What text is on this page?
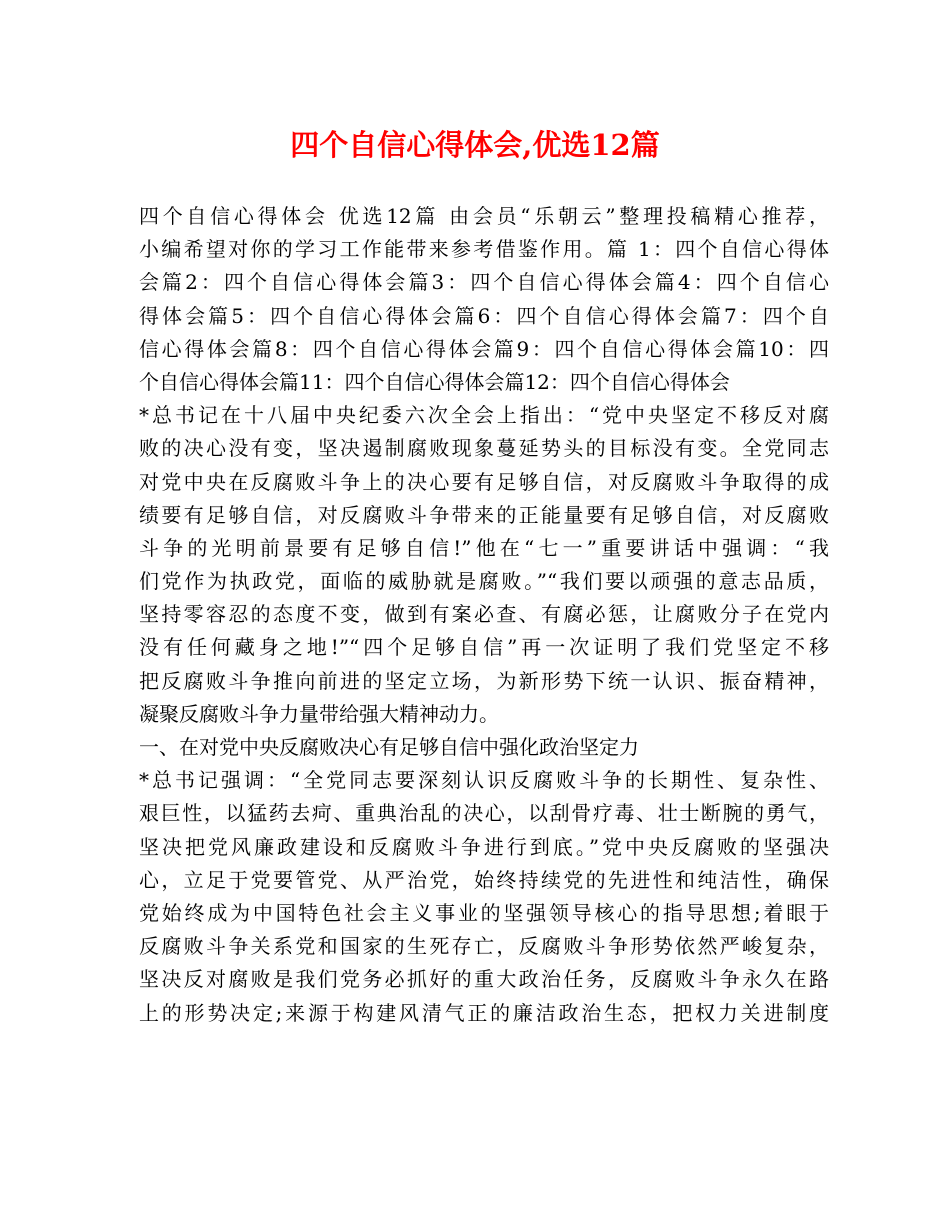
四个自信心得体会,优选12篇
四个自信心得体会 优选12篇 由会员“乐朝云”整理投稿精心推荐，
小编希望对你的学习工作能带来参考借鉴作用。篇 1：四个自信心得体
会篇2：四个自信心得体会篇3：四个自信心得体会篇4：四个自信心
得体会篇5：四个自信心得体会篇6：四个自信心得体会篇7：四个自
信心得体会篇8：四个自信心得体会篇9：四个自信心得体会篇10：四
个自信心得体会篇11：四个自信心得体会篇12：四个自信心得体会
*总书记在十八届中央纪委六次全会上指出：“党中央坚定不移反对腐
败的决心没有变，坚决遏制腐败现象蔓延势头的目标没有变。全党同志
对党中央在反腐败斗争上的决心要有足够自信，对反腐败斗争取得的成
绩要有足够自信，对反腐败斗争带来的正能量要有足够自信，对反腐败
斗争的光明前景要有足够自信!”他在“七一”重要讲话中强调：“我
们党作为执政党，面临的威胁就是腐败。”“我们要以顽强的意志品质，
坚持零容忍的态度不变，做到有案必查、有腐必惩，让腐败分子在党内
没有任何藏身之地!”“四个足够自信”再一次证明了我们党坚定不移
把反腐败斗争推向前进的坚定立场，为新形势下统一认识、振奋精神，
凝聚反腐败斗争力量带给强大精神动力。
一、在对党中央反腐败决心有足够自信中强化政治坚定力
*总书记强调：“全党同志要深刻认识反腐败斗争的长期性、复杂性、
艰巨性，以猛药去疴、重典治乱的决心，以刮骨疗毒、壮士断腕的勇气，
坚决把党风廉政建设和反腐败斗争进行到底。”党中央反腐败的坚强决
心，立足于党要管党、从严治党，始终持续党的先进性和纯洁性，确保
党始终成为中国特色社会主义事业的坚强领导核心的指导思想;着眼于
反腐败斗争关系党和国家的生死存亡，反腐败斗争形势依然严峻复杂，
坚决反对腐败是我们党务必抓好的重大政治任务，反腐败斗争永久在路
上的形势决定;来源于构建风清气正的廉洁政治生态，把权力关进制度
